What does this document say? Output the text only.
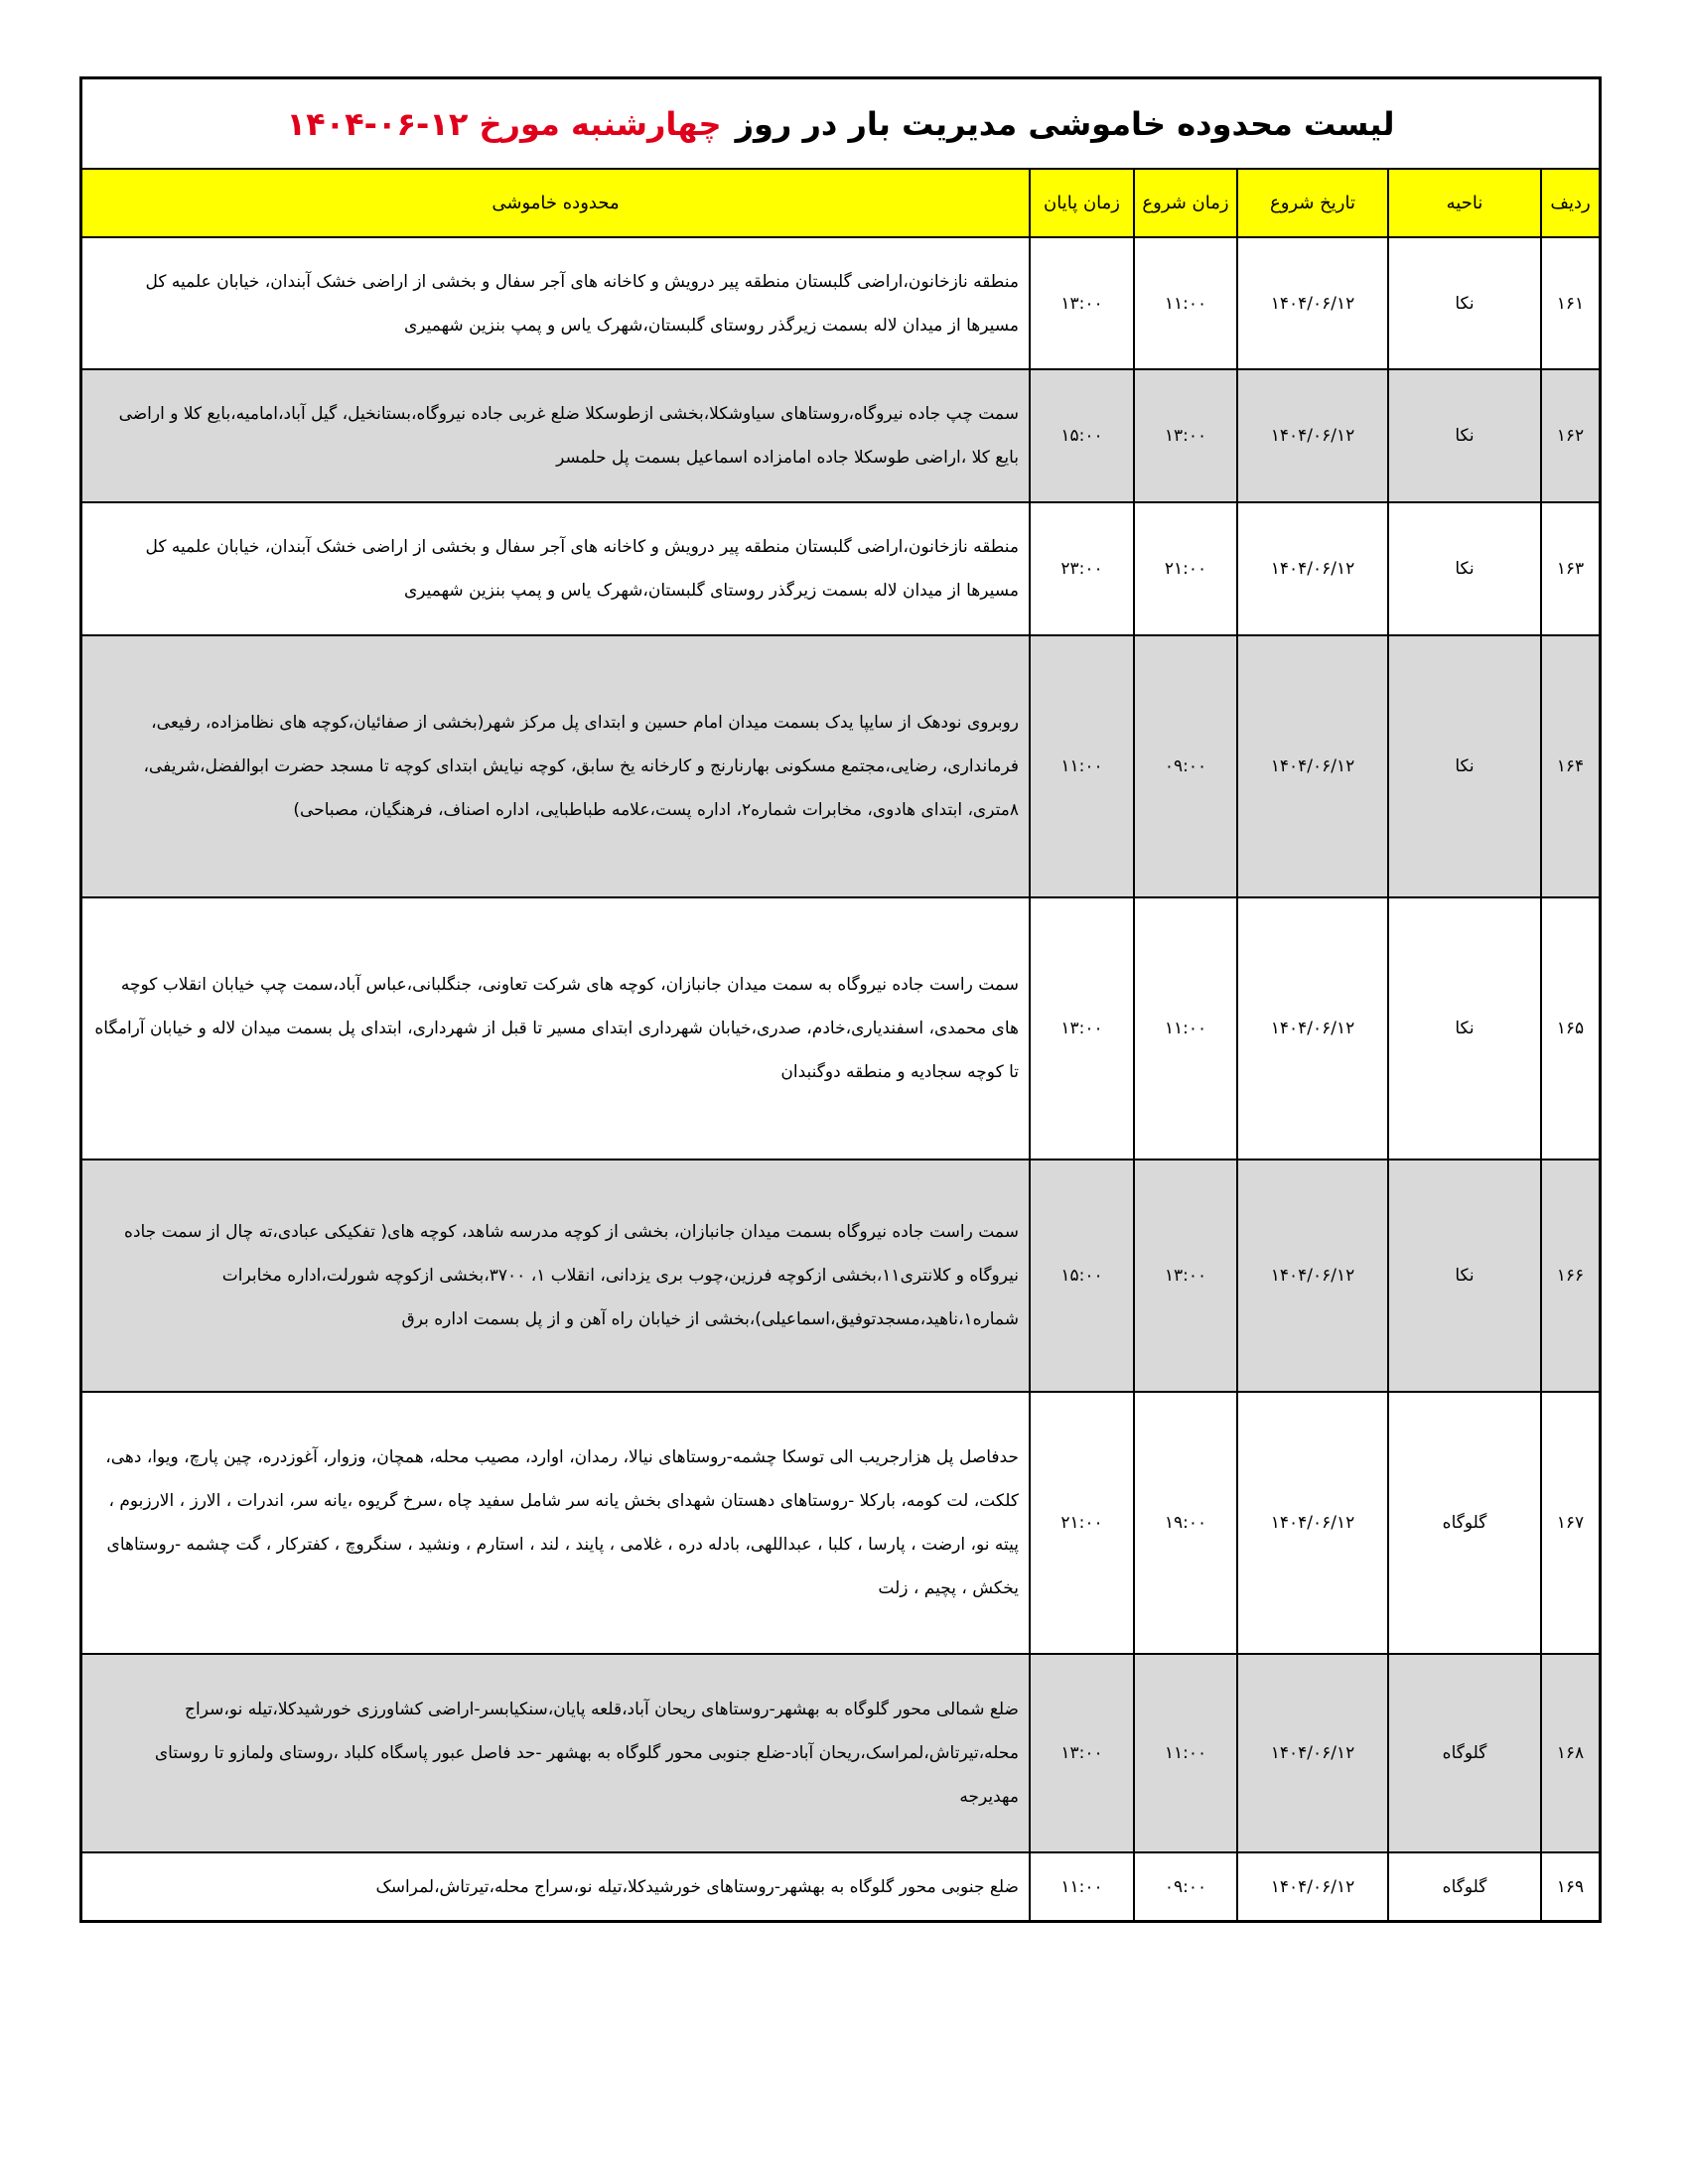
لیست محدوده خاموشی مدیریت بار در روز
چهارشنبه مورخ ۱۲-۰۶-۱۴۰۴
ردیف	ناحیه	تاریخ شروع	زمان شروع	زمان پایان	محدوده خاموشی
۱۶۱	نکا	۱۴۰۴/۰۶/۱۲	۱۱:۰۰	۱۳:۰۰	منطقه نازخانون،اراضی گلبستان منطقه پیر درویش و کاخانه های آجر سفال و بخشی از اراضی خشک آبندان، خیابان علمیه کل مسیرها از میدان لاله بسمت زیرگذر روستای گلبستان،شهرک یاس و پمپ بنزین شهمیری
۱۶۲	نکا	۱۴۰۴/۰۶/۱۲	۱۳:۰۰	۱۵:۰۰	سمت چپ جاده نیروگاه،روستاهای سیاوشکلا،بخشی ازطوسکلا ضلع غربی جاده نیروگاه،بستانخیل، گیل آباد،امامیه،بایع کلا و اراضی بایع کلا ،اراضی طوسکلا جاده امامزاده اسماعیل بسمت پل حلمسر
۱۶۳	نکا	۱۴۰۴/۰۶/۱۲	۲۱:۰۰	۲۳:۰۰	منطقه نازخانون،اراضی گلبستان منطقه پیر درویش و کاخانه های آجر سفال و بخشی از اراضی خشک آبندان، خیابان علمیه کل مسیرها از میدان لاله بسمت زیرگذر روستای گلبستان،شهرک یاس و پمپ بنزین شهمیری
۱۶۴	نکا	۱۴۰۴/۰۶/۱۲	۰۹:۰۰	۱۱:۰۰	روبروی نودهک از سایپا یدک بسمت میدان امام حسین و ابتدای پل مرکز شهر(بخشی از صفائیان،کوچه های نظامزاده، رفیعی، فرمانداری، رضایی،مجتمع مسکونی بهارنارنج و کارخانه یخ سابق، کوچه نیایش ابتدای کوچه تا مسجد حضرت ابوالفضل،شریفی، ۸متری، ابتدای هادوی، مخابرات شماره۲، اداره پست،علامه طباطبایی، اداره اصناف، فرهنگیان، مصباحی)
۱۶۵	نکا	۱۴۰۴/۰۶/۱۲	۱۱:۰۰	۱۳:۰۰	سمت راست جاده نیروگاه به سمت میدان جانبازان، کوچه های شرکت تعاونی، جنگلبانی،عباس آباد،سمت چپ خیابان انقلاب کوچه های محمدی، اسفندیاری،خادم، صدری،خیابان شهرداری ابتدای مسیر تا قبل از شهرداری، ابتدای پل بسمت میدان لاله و خیابان آرامگاه تا کوچه سجادیه و منطقه دوگنبدان
۱۶۶	نکا	۱۴۰۴/۰۶/۱۲	۱۳:۰۰	۱۵:۰۰	سمت راست جاده نیروگاه بسمت میدان جانبازان، بخشی از کوچه مدرسه شاهد، کوچه های( تفکیکی عبادی،ته چال از سمت جاده نیروگاه و کلانتری۱۱،بخشی ازکوچه فرزین،چوب بری یزدانی، انقلاب ۱، ۳۷۰۰،بخشی ازکوچه شورلت،اداره مخابرات شماره۱،ناهید،مسجدتوفیق،اسماعیلی)،بخشی از خیابان راه آهن و از پل بسمت اداره برق
۱۶۷	گلوگاه	۱۴۰۴/۰۶/۱۲	۱۹:۰۰	۲۱:۰۰	حدفاصل پل هزارجریب الی توسکا چشمه-روستاهای نیالا، رمدان، اوارد، مصیب محله، همچان، وزوار، آغوزدره، چین پارچ، ویوا، دهی، کلکت، لت کومه، بارکلا -روستاهای دهستان شهدای بخش یانه سر شامل سفید چاه ،سرخ گریوه ،یانه سر، اندرات ، الارز ، الارزبوم ، پیته نو، ارضت ، پارسا ، کلبا ، عبداللهی، بادله دره ، غلامی ، پایند ، لند ، استارم ، ونشید ، سنگروچ ، کفترکار ، گت چشمه -روستاهای یخکش ، پچیم ، زلت
۱۶۸	گلوگاه	۱۴۰۴/۰۶/۱۲	۱۱:۰۰	۱۳:۰۰	ضلع شمالی محور گلوگاه به بهشهر-روستاهای ریحان آباد،قلعه پایان،سنکیابسر-اراضی کشاورزی خورشیدکلا،تیله نو،سراج محله،تیرتاش،لمراسک،ریحان آباد-ضلع جنوبی محور گلوگاه به بهشهر -حد فاصل عبور پاسگاه کلباد ،روستای ولمازو تا روستای مهدیرجه
۱۶۹	گلوگاه	۱۴۰۴/۰۶/۱۲	۰۹:۰۰	۱۱:۰۰	ضلع جنوبی محور گلوگاه به بهشهر-روستاهای خورشیدکلا،تیله نو،سراج محله،تیرتاش،لمراسک
